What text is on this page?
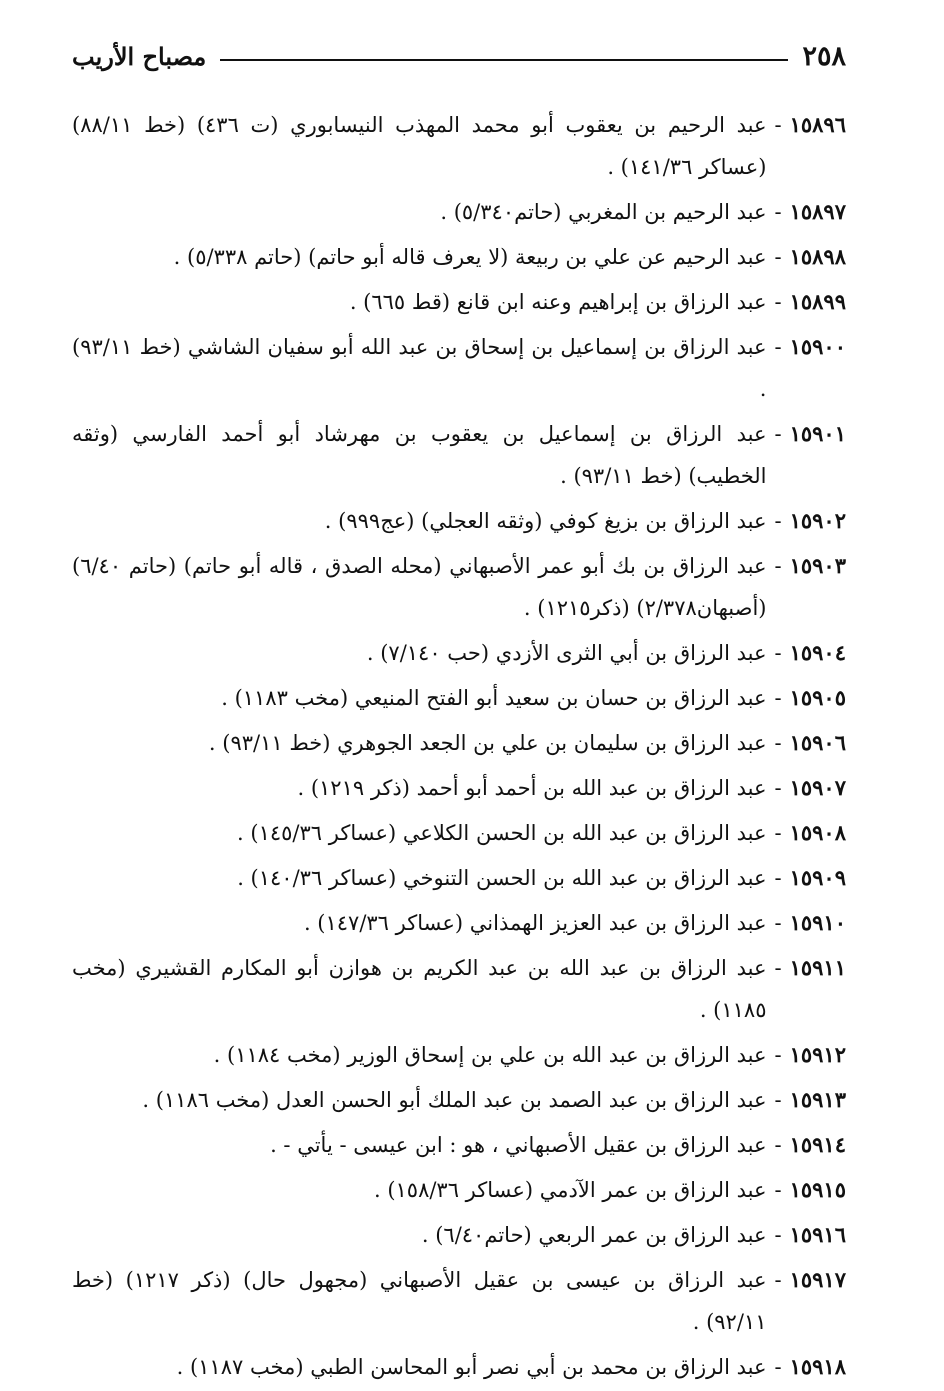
٢٥٨
مصباح الأريب
١٥٨٩٦
-
عبد الرحيم بن يعقوب أبو محمد المهذب النيسابوري (ت ٤٣٦) (خط ٨٨/١١) (عساكر ١٤١/٣٦) .
١٥٨٩٧
-
عبد الرحيم بن المغربي (حاتم٥/٣٤٠) .
١٥٨٩٨
-
عبد الرحيم عن علي بن ربيعة (لا يعرف قاله أبو حاتم) (حاتم ٥/٣٣٨) .
١٥٨٩٩
-
عبد الرزاق بن إبراهيم وعنه ابن قانع (قط ٦٦٥) .
١٥٩٠٠
-
عبد الرزاق بن إسماعيل بن إسحاق بن عبد الله أبو سفيان الشاشي (خط ٩٣/١١) .
١٥٩٠١
-
عبد الرزاق بن إسماعيل بن يعقوب بن مهرشاد أبو أحمد الفارسي (وثقه الخطيب) (خط ٩٣/١١) .
١٥٩٠٢
-
عبد الرزاق بن بزيغ كوفي (وثقه العجلي) (عج٩٩٩) .
١٥٩٠٣
-
عبد الرزاق بن بك أبو عمر الأصبهاني (محله الصدق ، قاله أبو حاتم) (حاتم ٦/٤٠) (أصبهان٢/٣٧٨) (ذكر١٢١٥) .
١٥٩٠٤
-
عبد الرزاق بن أبي الثرى الأزدي (حب ٧/١٤٠) .
١٥٩٠٥
-
عبد الرزاق بن حسان بن سعيد أبو الفتح المنيعي (مخب ١١٨٣) .
١٥٩٠٦
-
عبد الرزاق بن سليمان بن علي بن الجعد الجوهري (خط ٩٣/١١) .
١٥٩٠٧
-
عبد الرزاق بن عبد الله بن أحمد أبو أحمد (ذكر ١٢١٩) .
١٥٩٠٨
-
عبد الرزاق بن عبد الله بن الحسن الكلاعي (عساكر ١٤٥/٣٦) .
١٥٩٠٩
-
عبد الرزاق بن عبد الله بن الحسن التنوخي (عساكر ١٤٠/٣٦) .
١٥٩١٠
-
عبد الرزاق بن عبد العزيز الهمذاني (عساكر ١٤٧/٣٦) .
١٥٩١١
-
عبد الرزاق بن عبد الله بن عبد الكريم بن هوازن أبو المكارم القشيري (مخب ١١٨٥) .
١٥٩١٢
-
عبد الرزاق بن عبد الله بن علي بن إسحاق الوزير (مخب ١١٨٤) .
١٥٩١٣
-
عبد الرزاق بن عبد الصمد بن عبد الملك أبو الحسن العدل (مخب ١١٨٦) .
١٥٩١٤
-
عبد الرزاق بن عقيل الأصبهاني ، هو : ابن عيسى - يأتي - .
١٥٩١٥
-
عبد الرزاق بن عمر الآدمي (عساكر ١٥٨/٣٦) .
١٥٩١٦
-
عبد الرزاق بن عمر الربعي (حاتم٦/٤٠) .
١٥٩١٧
-
عبد الرزاق بن عيسى بن عقيل الأصبهاني (مجهول حال) (ذكر ١٢١٧) (خط ٩٢/١١) .
١٥٩١٨
-
عبد الرزاق بن محمد بن أبي نصر أبو المحاسن الطبي (مخب ١١٨٧) .
